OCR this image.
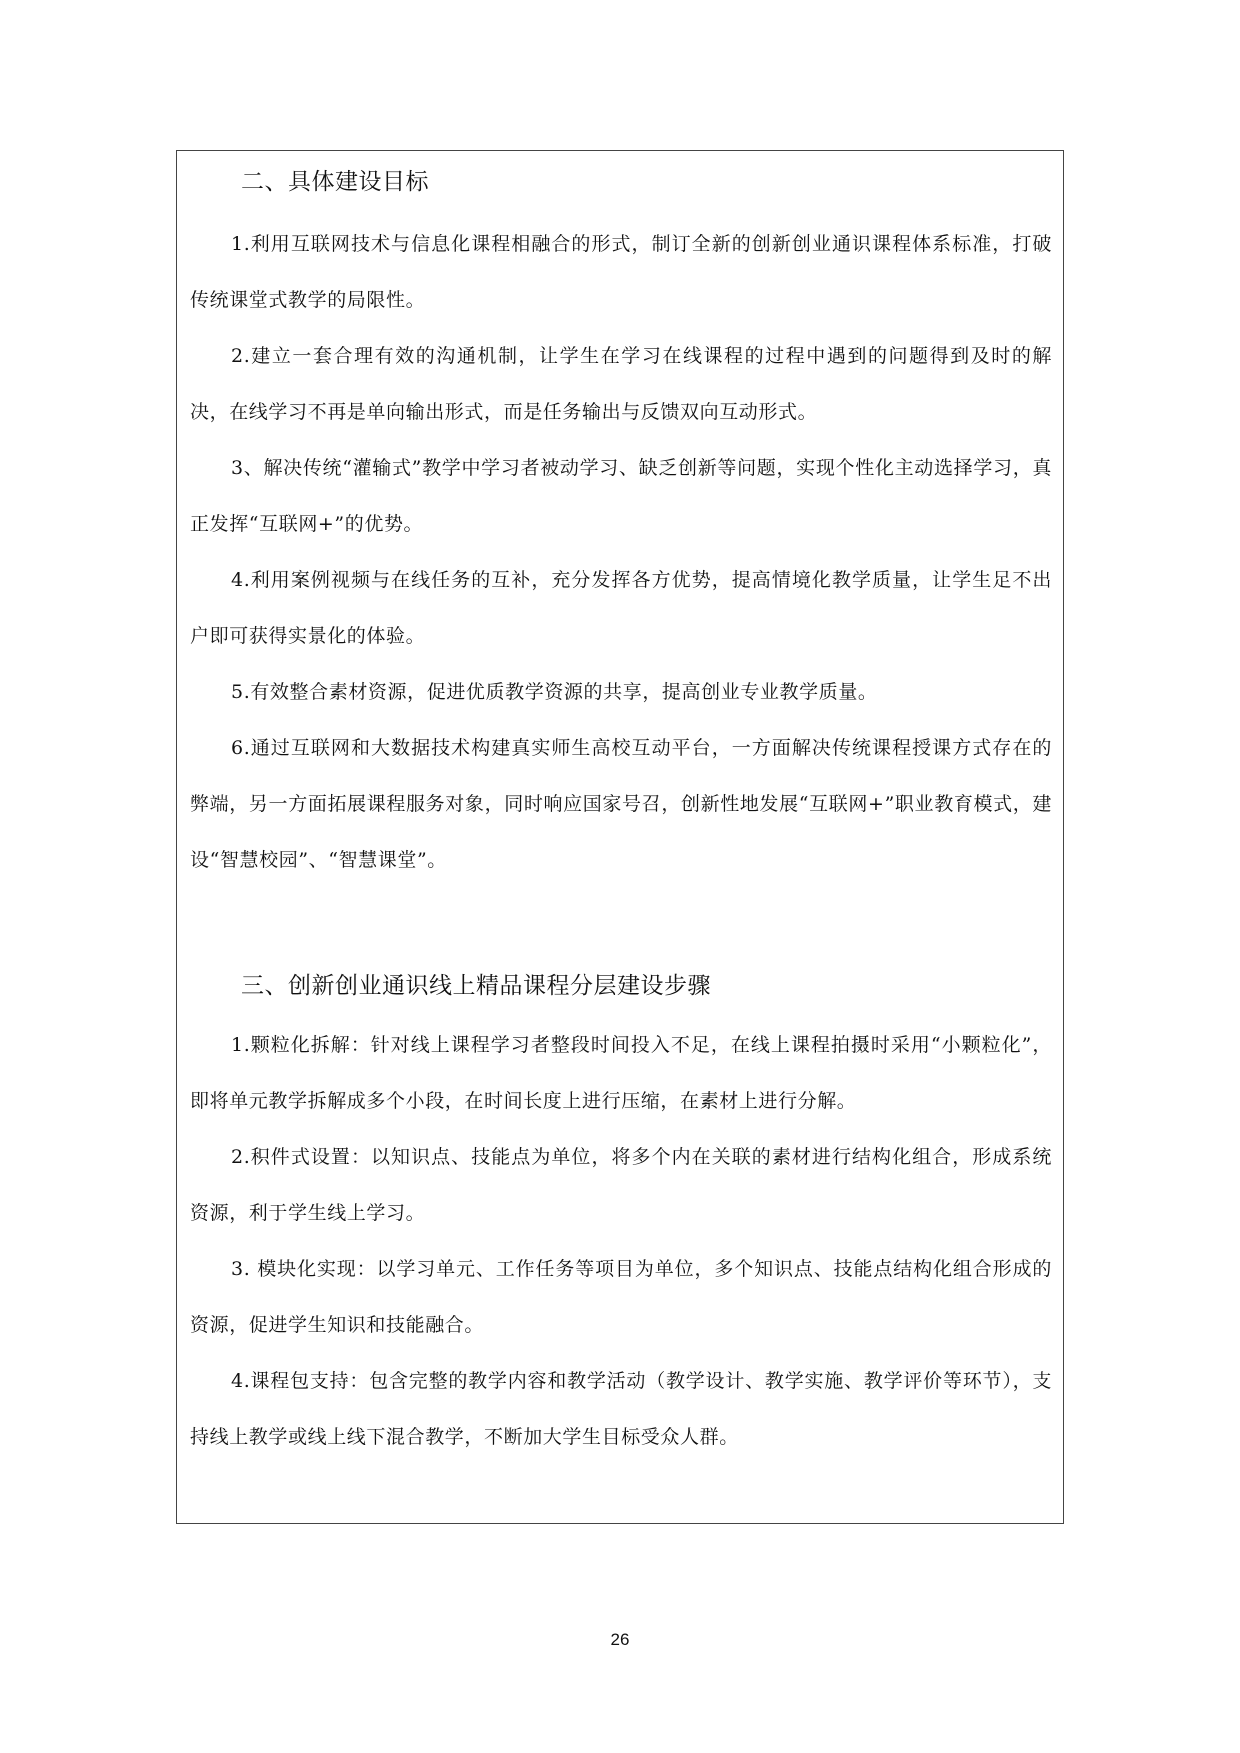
二、具体建设目标

1.利用互联网技术与信息化课程相融合的形式，制订全新的创新创业通识课程体系标准，打破传统课堂式教学的局限性。

2.建立一套合理有效的沟通机制，让学生在学习在线课程的过程中遇到的问题得到及时的解决，在线学习不再是单向输出形式，而是任务输出与反馈双向互动形式。

3、解决传统“灌输式”教学中学习者被动学习、缺乏创新等问题，实现个性化主动选择学习，真正发挥“互联网+”的优势。

4.利用案例视频与在线任务的互补，充分发挥各方优势，提高情境化教学质量，让学生足不出户即可获得实景化的体验。

5.有效整合素材资源，促进优质教学资源的共享，提高创业专业教学质量。

6.通过互联网和大数据技术构建真实师生高校互动平台，一方面解决传统课程授课方式存在的弊端，另一方面拓展课程服务对象，同时响应国家号召，创新性地发展“互联网+”职业教育模式，建设“智慧校园”、“智慧课堂”。

三、创新创业通识线上精品课程分层建设步骤

1.颗粒化拆解：针对线上课程学习者整段时间投入不足，在线上课程拍摄时采用“小颗粒化”，即将单元教学拆解成多个小段，在时间长度上进行压缩，在素材上进行分解。

2.积件式设置：以知识点、技能点为单位，将多个内在关联的素材进行结构化组合，形成系统资源，利于学生线上学习。

3. 模块化实现：以学习单元、工作任务等项目为单位，多个知识点、技能点结构化组合形成的资源，促进学生知识和技能融合。

4.课程包支持：包含完整的教学内容和教学活动（教学设计、教学实施、教学评价等环节），支持线上教学或线上线下混合教学，不断加大学生目标受众人群。

26
